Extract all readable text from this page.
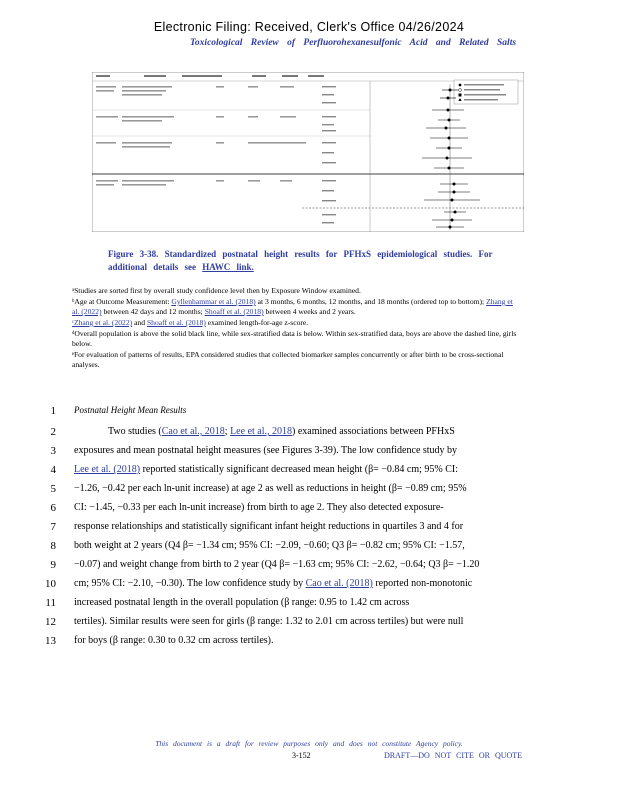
Electronic Filing: Received, Clerk's Office 04/26/2024
Toxicological Review of Perfluorohexanesulfonic Acid and Related Salts
Figure 3-38. Standardized postnatal height results for PFHxS epidemiological studies. For additional details see HAWC link.

ᵃStudies are sorted first by overall study confidence level then by Exposure Window examined.

ᵇAge at Outcome Measurement: Gyllenhammar et al. (2018) at 3 months, 6 months, 12 months, and 18 months (ordered top to bottom); Zhang et al. (2022) between 42 days and 12 months; Shoaff et al. (2018) between 4 weeks and 2 years.

ᶜZhang et al. (2022) and Shoaff et al. (2018) examined length-for-age z-score.

ᵈOverall population is above the solid black line, while sex-stratified data is below. Within sex-stratified data, boys are above the dashed line, girls below.

ᵉFor evaluation of patterns of results, EPA considered studies that collected biomarker samples concurrently or after birth to be cross-sectional analyses.

1 Postnatal Height Mean Results
2	Two studies (Cao et al., 2018; Lee et al., 2018) examined associations between PFHxS
3 exposures and mean postnatal height measures (see Figures 3-39). The low confidence study by
4 Lee et al. (2018) reported statistically significant decreased mean height (β= −0.84 cm; 95% CI:
5 −1.26, −0.42 per each ln-unit increase) at age 2 as well as reductions in height (β= −0.89 cm; 95%
6 CI: −1.45, −0.33 per each ln-unit increase) from birth to age 2. They also detected exposure-
7 response relationships and statistically significant infant height reductions in quartiles 3 and 4 for
8 both weight at 2 years (Q4 β= −1.34 cm; 95% CI: −2.09, −0.60; Q3 β= −0.82 cm; 95% CI: −1.57,
9 −0.07) and weight change from birth to 2 year (Q4 β= −1.63 cm; 95% CI: −2.62, −0.64; Q3 β= −1.20
10 cm; 95% CI: −2.10, −0.30). The low confidence study by Cao et al. (2018) reported non-monotonic
11 increased postnatal length in the overall population (β range: 0.95 to 1.42 cm across
12 tertiles). Similar results were seen for girls (β range: 1.32 to 2.01 cm across tertiles) but were null
13 for boys (β range: 0.30 to 0.32 cm across tertiles).
This document is a draft for review purposes only and does not constitute Agency policy.
3-152	DRAFT—DO NOT CITE OR QUOTE
